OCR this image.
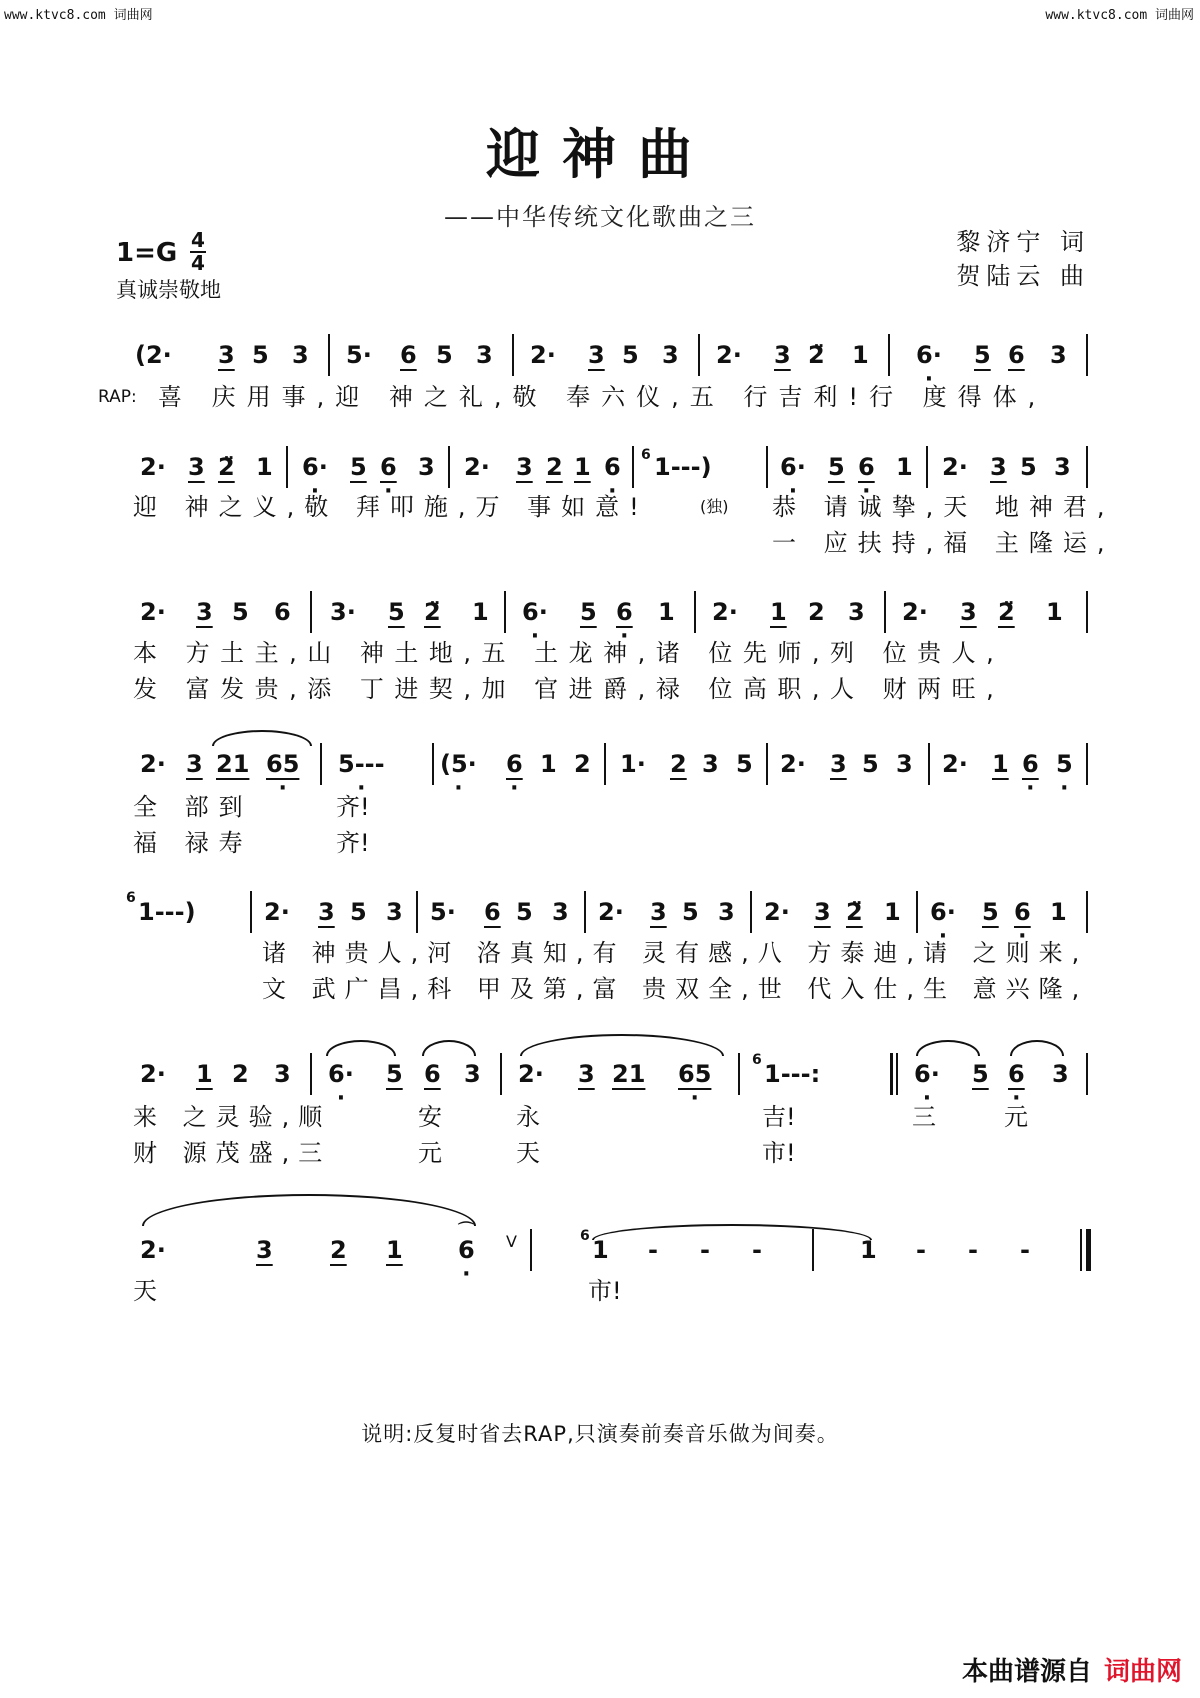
www.ktvc8.com 词曲网	www.ktvc8.com 词曲网
迎神曲
——中华传统文化歌曲之三
黎济宁 词
贺陆云 曲
1=G 4
4
真诚崇敬地
(2· 3 5 3 5· 6 5 3 2· 3 5 3 2· 3 2̈ 1 6· · 5 6 3
RAP: 喜 庆用事,迎 神之礼,敬 奉六仪,五 行吉利!行 度得体,
2· 3 2̈ 1 6· · 5 6 · 3 2· 3 2 1 6 · 6 1---)	6· · 5 6 · 1 2· 3 5 3
迎 神之义,敬 拜叩施,万 事如意!	(独) 恭 请诚挚,天 地神君,
一 应扶持,福 主隆运,
2· 3 5 6 3· 5 2̈ 1 6· · 5 6 · 1 2· 1 2 3 2· 3 2̈ 1
本 方土主,山 神土地,五 土龙神,诸 位先师,列 位贵人,
发 富发贵,添 丁进契,加 官进爵,禄 位高职,人 财两旺,
2· 3 21 65 · 5--- · (5· · 6 · 1 2 1· 2 3 5 2· 3 5 3 2· 1 6 · 5 ·
全 部到	齐!
福 禄寿	齐!
6 1---)	2· 3 5 3 5· 6 5 3 2· 3 5 3 2· 3 2̈ 1 6· · 5 6 · 1
诸 神贵人,河 洛真知,有 灵有感,八 方泰迪,请 之则来,
文 武广昌,科 甲及第,富 贵双全,世 代入仕,生 意兴隆,
2· 1 2 3 6· · 5 6 3 2· 3 21 65 ·	6 1---:	6· · 5 6 · 3
来 之灵验,顺	安	永	吉!	三	元
财 源茂盛,三	元	天	市!
2·	3 2 1 6 ·
⌒
V	6 1 - - -	1 - - -
天	市!
说明:反复时省去RAP,只演奏前奏音乐做为间奏。
本曲谱源自 词曲网
